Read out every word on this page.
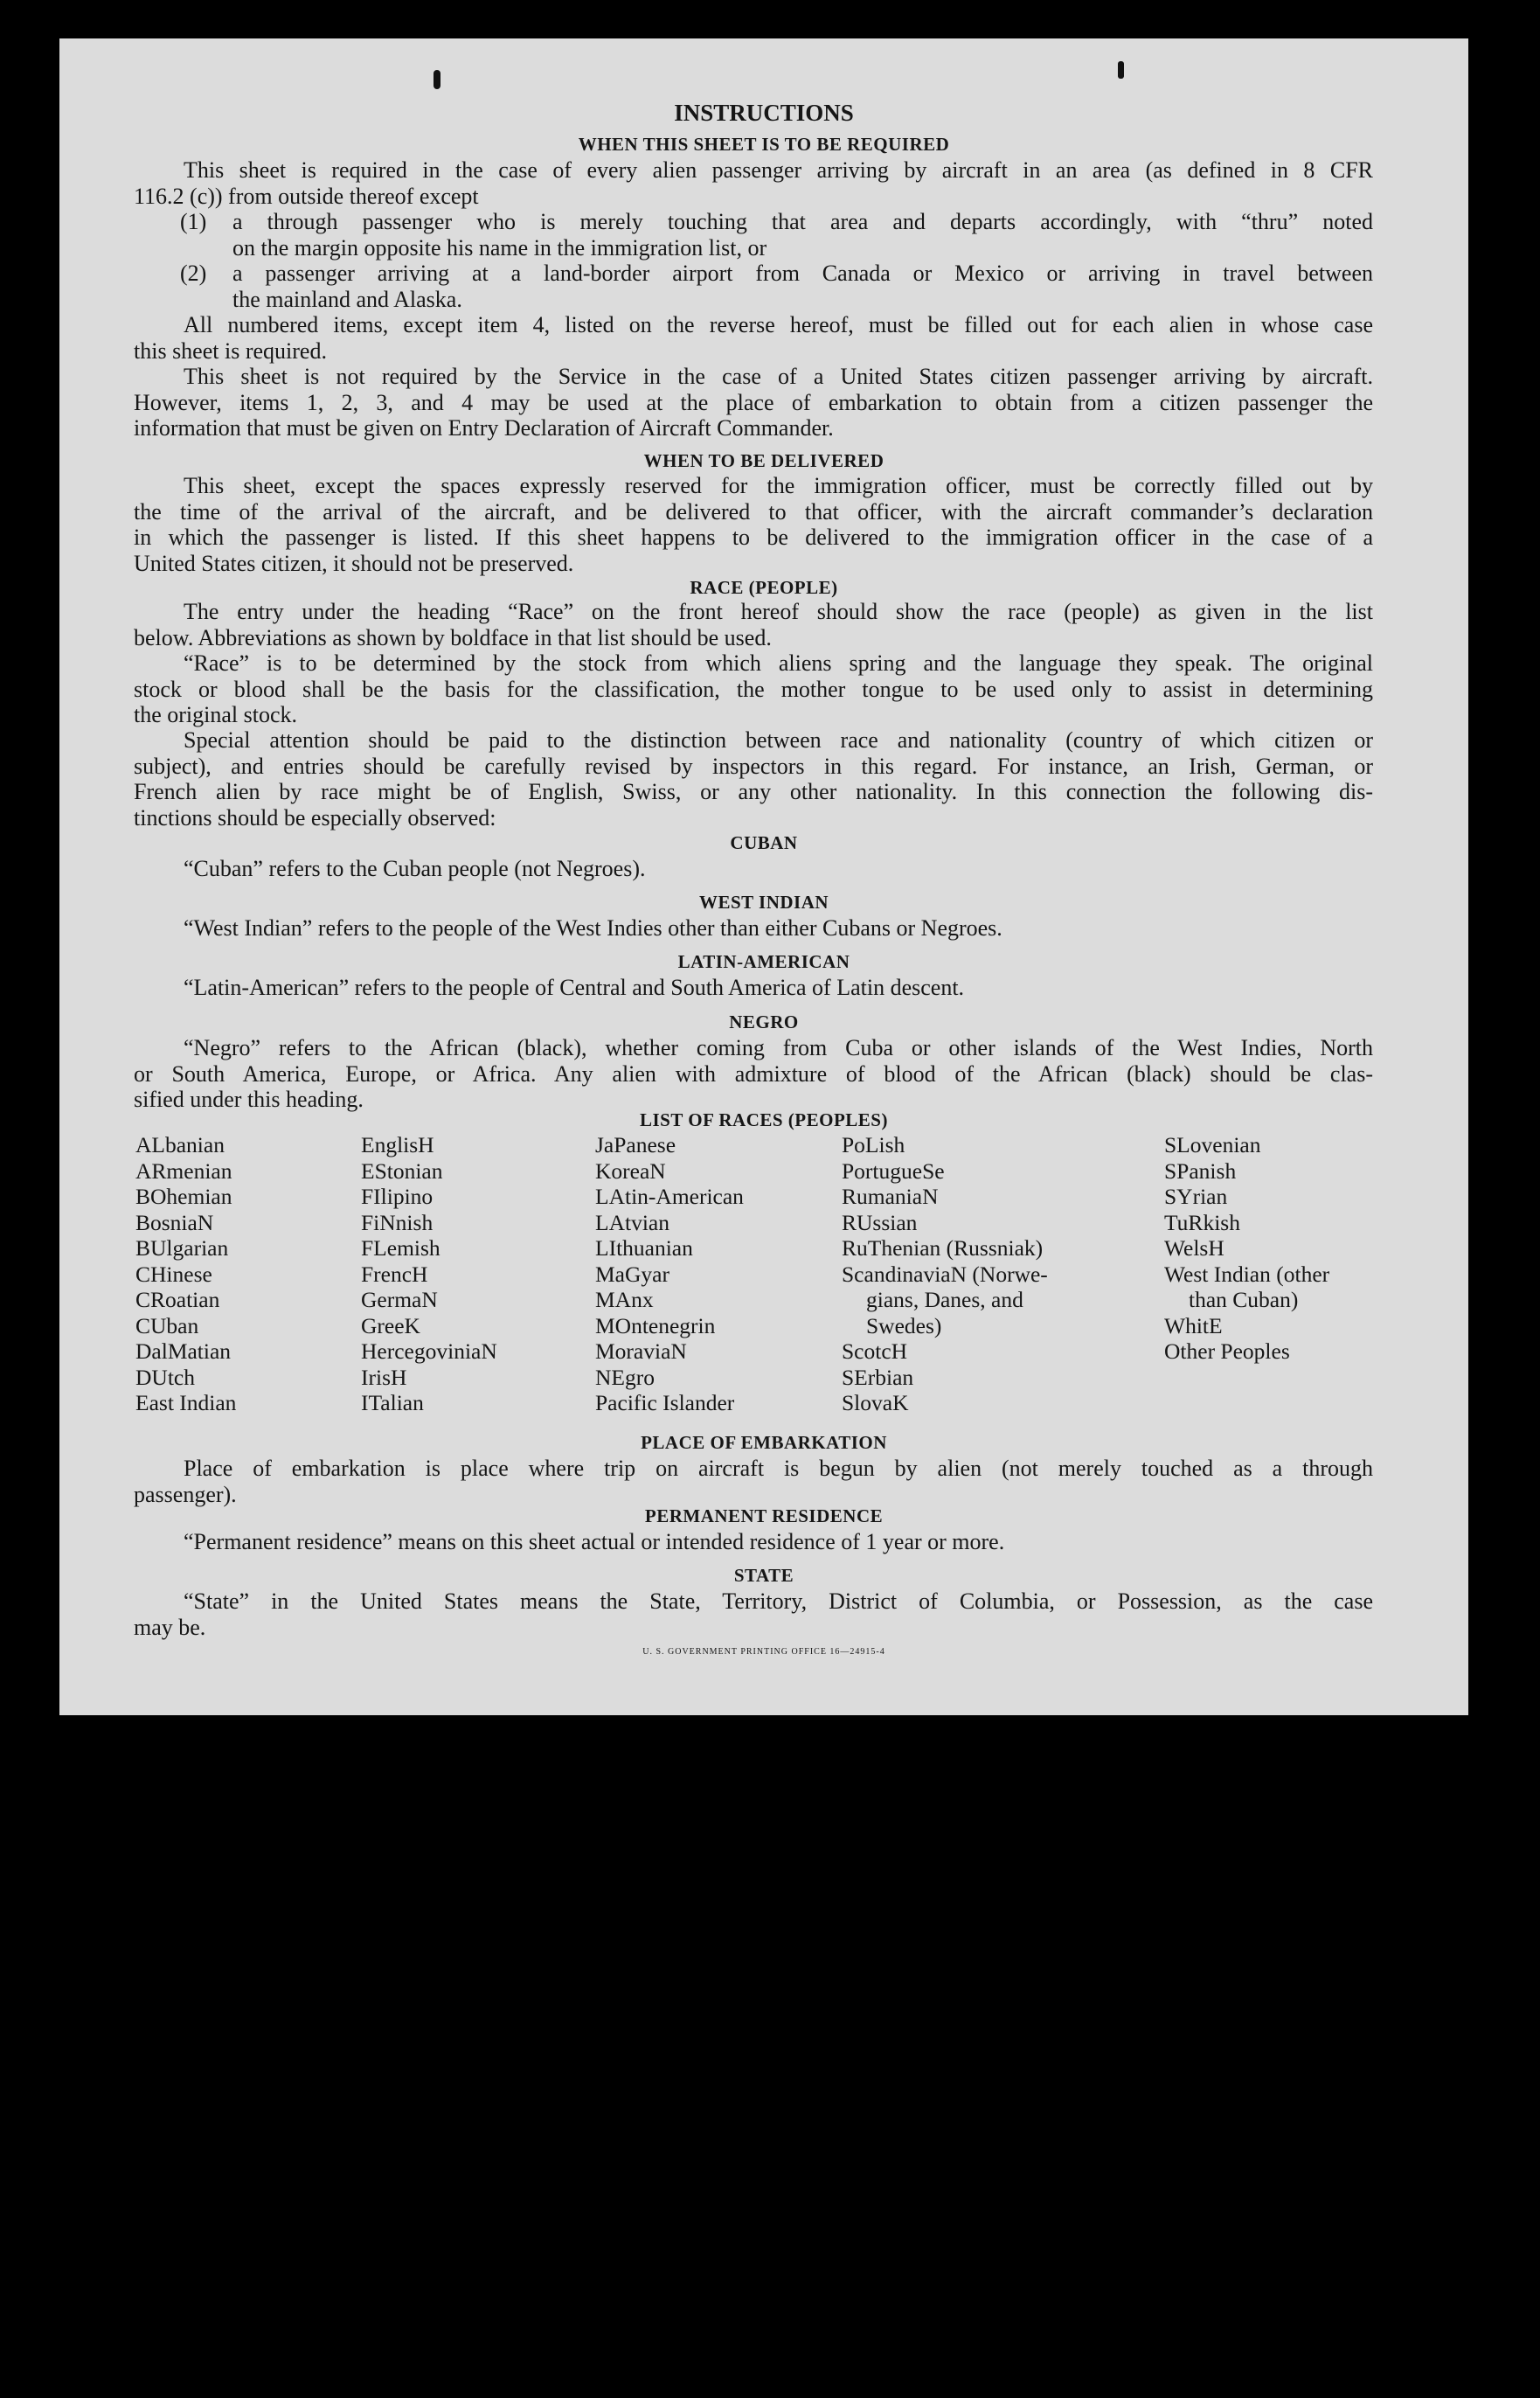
INSTRUCTIONS
WHEN THIS SHEET IS TO BE REQUIRED
This sheet is required in the case of every alien passenger arriving by aircraft in an area (as defined in 8 CFR
116.2 (c)) from outside thereof except
(1) a through passenger who is merely touching that area and departs accordingly, with “thru” noted
on the margin opposite his name in the immigration list, or
(2) a passenger arriving at a land-border airport from Canada or Mexico or arriving in travel between
the mainland and Alaska.
All numbered items, except item 4, listed on the reverse hereof, must be filled out for each alien in whose case
this sheet is required.
This sheet is not required by the Service in the case of a United States citizen passenger arriving by aircraft.
However, items 1, 2, 3, and 4 may be used at the place of embarkation to obtain from a citizen passenger the
information that must be given on Entry Declaration of Aircraft Commander.
WHEN TO BE DELIVERED
This sheet, except the spaces expressly reserved for the immigration officer, must be correctly filled out by
the time of the arrival of the aircraft, and be delivered to that officer, with the aircraft commander’s declaration
in which the passenger is listed. If this sheet happens to be delivered to the immigration officer in the case of a
United States citizen, it should not be preserved.
RACE (PEOPLE)
The entry under the heading “Race” on the front hereof should show the race (people) as given in the list
below. Abbreviations as shown by boldface in that list should be used.
“Race” is to be determined by the stock from which aliens spring and the language they speak. The original
stock or blood shall be the basis for the classification, the mother tongue to be used only to assist in determining
the original stock.
Special attention should be paid to the distinction between race and nationality (country of which citizen or
subject), and entries should be carefully revised by inspectors in this regard. For instance, an Irish, German, or
French alien by race might be of English, Swiss, or any other nationality. In this connection the following dis-
tinctions should be especially observed:
CUBAN
“Cuban” refers to the Cuban people (not Negroes).
WEST INDIAN
“West Indian” refers to the people of the West Indies other than either Cubans or Negroes.
LATIN-AMERICAN
“Latin-American” refers to the people of Central and South America of Latin descent.
NEGRO
“Negro” refers to the African (black), whether coming from Cuba or other islands of the West Indies, North
or South America, Europe, or Africa. Any alien with admixture of blood of the African (black) should be clas-
sified under this heading.
LIST OF RACES (PEOPLES)
ALbanian
ARmenian
BOhemian
BosniaN
BUlgarian
CHinese
CRoatian
CUban
DalMatian
DUtch
East Indian
EnglisH
EStonian
FIlipino
FiNnish
FLemish
FrencH
GermaN
GreeK
HercegoviniaN
IrisH
ITalian
JaPanese
KoreaN
LAtin-American
LAtvian
LIthuanian
MaGyar
MAnx
MOntenegrin
MoraviaN
NEgro
Pacific Islander
PoLish
PortugueSe
RumaniaN
RUssian
RuThenian (Russniak)
ScandinaviaN (Norwe-
gians, Danes, and
Swedes)
ScotcH
SErbian
SlovaK
SLovenian
SPanish
SYrian
TuRkish
WelsH
West Indian (other
than Cuban)
WhitE
Other Peoples
PLACE OF EMBARKATION
Place of embarkation is place where trip on aircraft is begun by alien (not merely touched as a through
passenger).
PERMANENT RESIDENCE
“Permanent residence” means on this sheet actual or intended residence of 1 year or more.
STATE
“State” in the United States means the State, Territory, District of Columbia, or Possession, as the case
may be.
U. S. GOVERNMENT PRINTING OFFICE 16—24915-4
